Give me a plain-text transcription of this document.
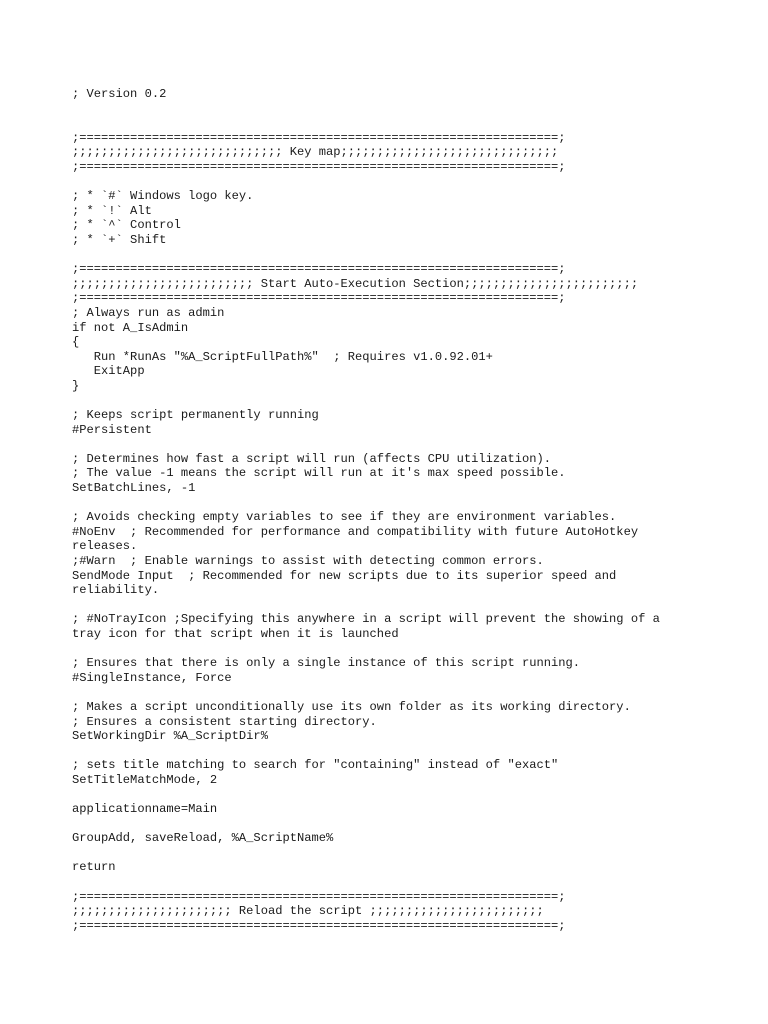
; Version 0.2
;==================================================================;
;;;;;;;;;;;;;;;;;;;;;;;;;;;;; Key map;;;;;;;;;;;;;;;;;;;;;;;;;;;;;;
;==================================================================;
; * `#` Windows logo key.
; * `!` Alt
; * `^` Control
; * `+` Shift
;==================================================================;
;;;;;;;;;;;;;;;;;;;;;;;;; Start Auto-Execution Section;;;;;;;;;;;;;;;;;;;;;;;;
;==================================================================;
; Always run as admin
if not A_IsAdmin
{
Run *RunAs "%A_ScriptFullPath%"  ; Requires v1.0.92.01+
ExitApp
}
; Keeps script permanently running
#Persistent
; Determines how fast a script will run (affects CPU utilization).
; The value -1 means the script will run at it's max speed possible.
SetBatchLines, -1
; Avoids checking empty variables to see if they are environment variables.
#NoEnv  ; Recommended for performance and compatibility with future AutoHotkey
releases.
;#Warn  ; Enable warnings to assist with detecting common errors.
SendMode Input  ; Recommended for new scripts due to its superior speed and
reliability.
; #NoTrayIcon ;Specifying this anywhere in a script will prevent the showing of a
tray icon for that script when it is launched
; Ensures that there is only a single instance of this script running.
#SingleInstance, Force
; Makes a script unconditionally use its own folder as its working directory.
; Ensures a consistent starting directory.
SetWorkingDir %A_ScriptDir%
; sets title matching to search for "containing" instead of "exact"
SetTitleMatchMode, 2
applicationname=Main
GroupAdd, saveReload, %A_ScriptName%
return
;==================================================================;
;;;;;;;;;;;;;;;;;;;;;; Reload the script ;;;;;;;;;;;;;;;;;;;;;;;;
;==================================================================;
